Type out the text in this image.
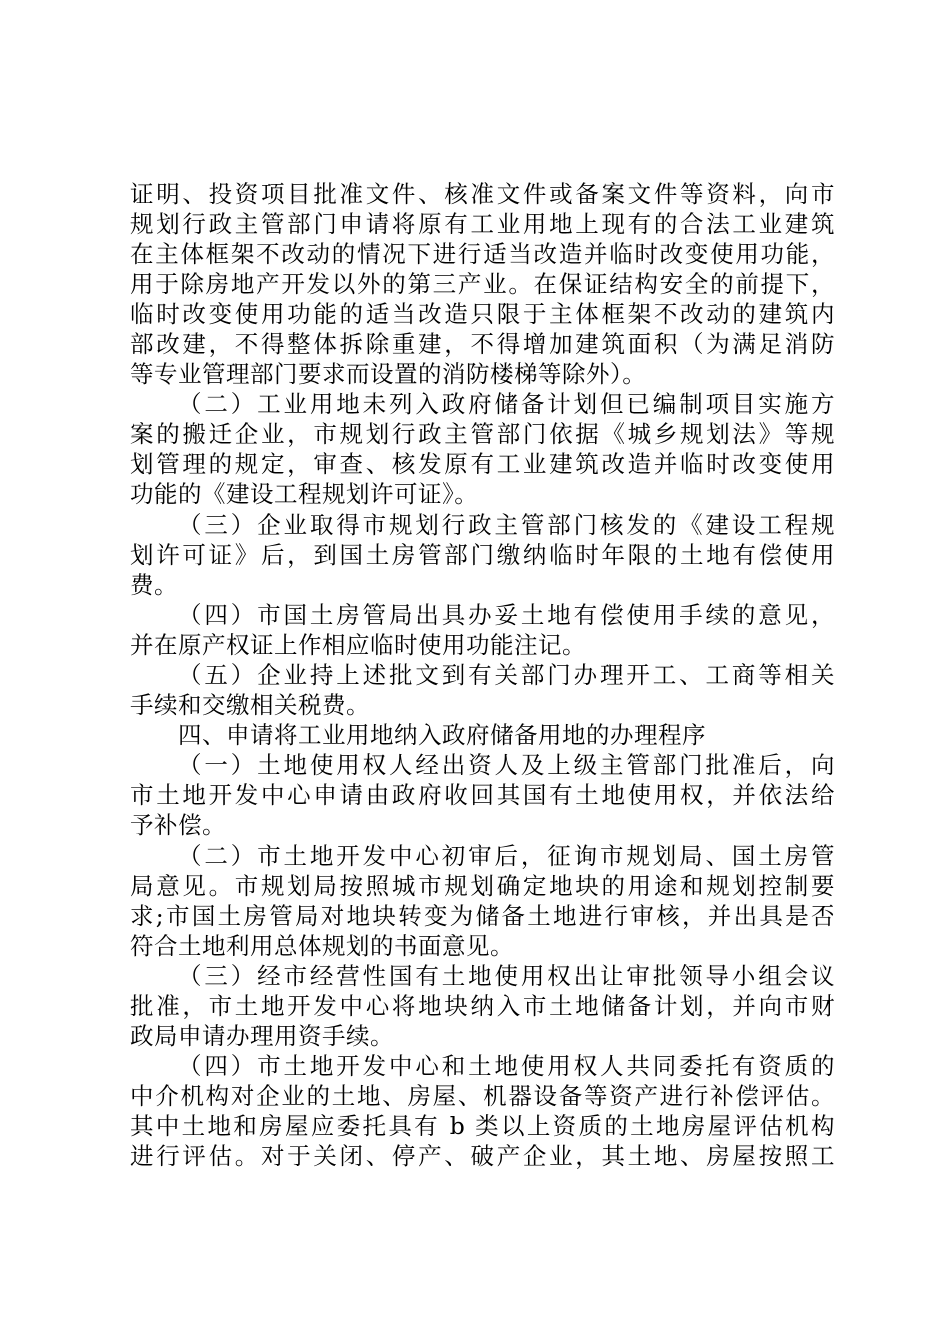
证明、投资项目批准文件、核准文件或备案文件等资料，向市
规划行政主管部门申请将原有工业用地上现有的合法工业建筑
在主体框架不改动的情况下进行适当改造并临时改变使用功能，
用于除房地产开发以外的第三产业。在保证结构安全的前提下，
临时改变使用功能的适当改造只限于主体框架不改动的建筑内
部改建，不得整体拆除重建，不得增加建筑面积（为满足消防
等专业管理部门要求而设置的消防楼梯等除外）。
（二）工业用地未列入政府储备计划但已编制项目实施方
案的搬迁企业，市规划行政主管部门依据《城乡规划法》等规
划管理的规定，审查、核发原有工业建筑改造并临时改变使用
功能的《建设工程规划许可证》。
（三）企业取得市规划行政主管部门核发的《建设工程规
划许可证》后，到国土房管部门缴纳临时年限的土地有偿使用
费。
（四）市国土房管局出具办妥土地有偿使用手续的意见，
并在原产权证上作相应临时使用功能注记。
（五）企业持上述批文到有关部门办理开工、工商等相关
手续和交缴相关税费。
四、申请将工业用地纳入政府储备用地的办理程序
（一）土地使用权人经出资人及上级主管部门批准后，向
市土地开发中心申请由政府收回其国有土地使用权，并依法给
予补偿。
（二）市土地开发中心初审后，征询市规划局、国土房管
局意见。市规划局按照城市规划确定地块的用途和规划控制要
求;市国土房管局对地块转变为储备土地进行审核，并出具是否
符合土地利用总体规划的书面意见。
（三）经市经营性国有土地使用权出让审批领导小组会议
批准，市土地开发中心将地块纳入市土地储备计划，并向市财
政局申请办理用资手续。
（四）市土地开发中心和土地使用权人共同委托有资质的
中介机构对企业的土地、房屋、机器设备等资产进行补偿评估。
其中土地和房屋应委托具有 b 类以上资质的土地房屋评估机构
进行评估。对于关闭、停产、破产企业，其土地、房屋按照工
